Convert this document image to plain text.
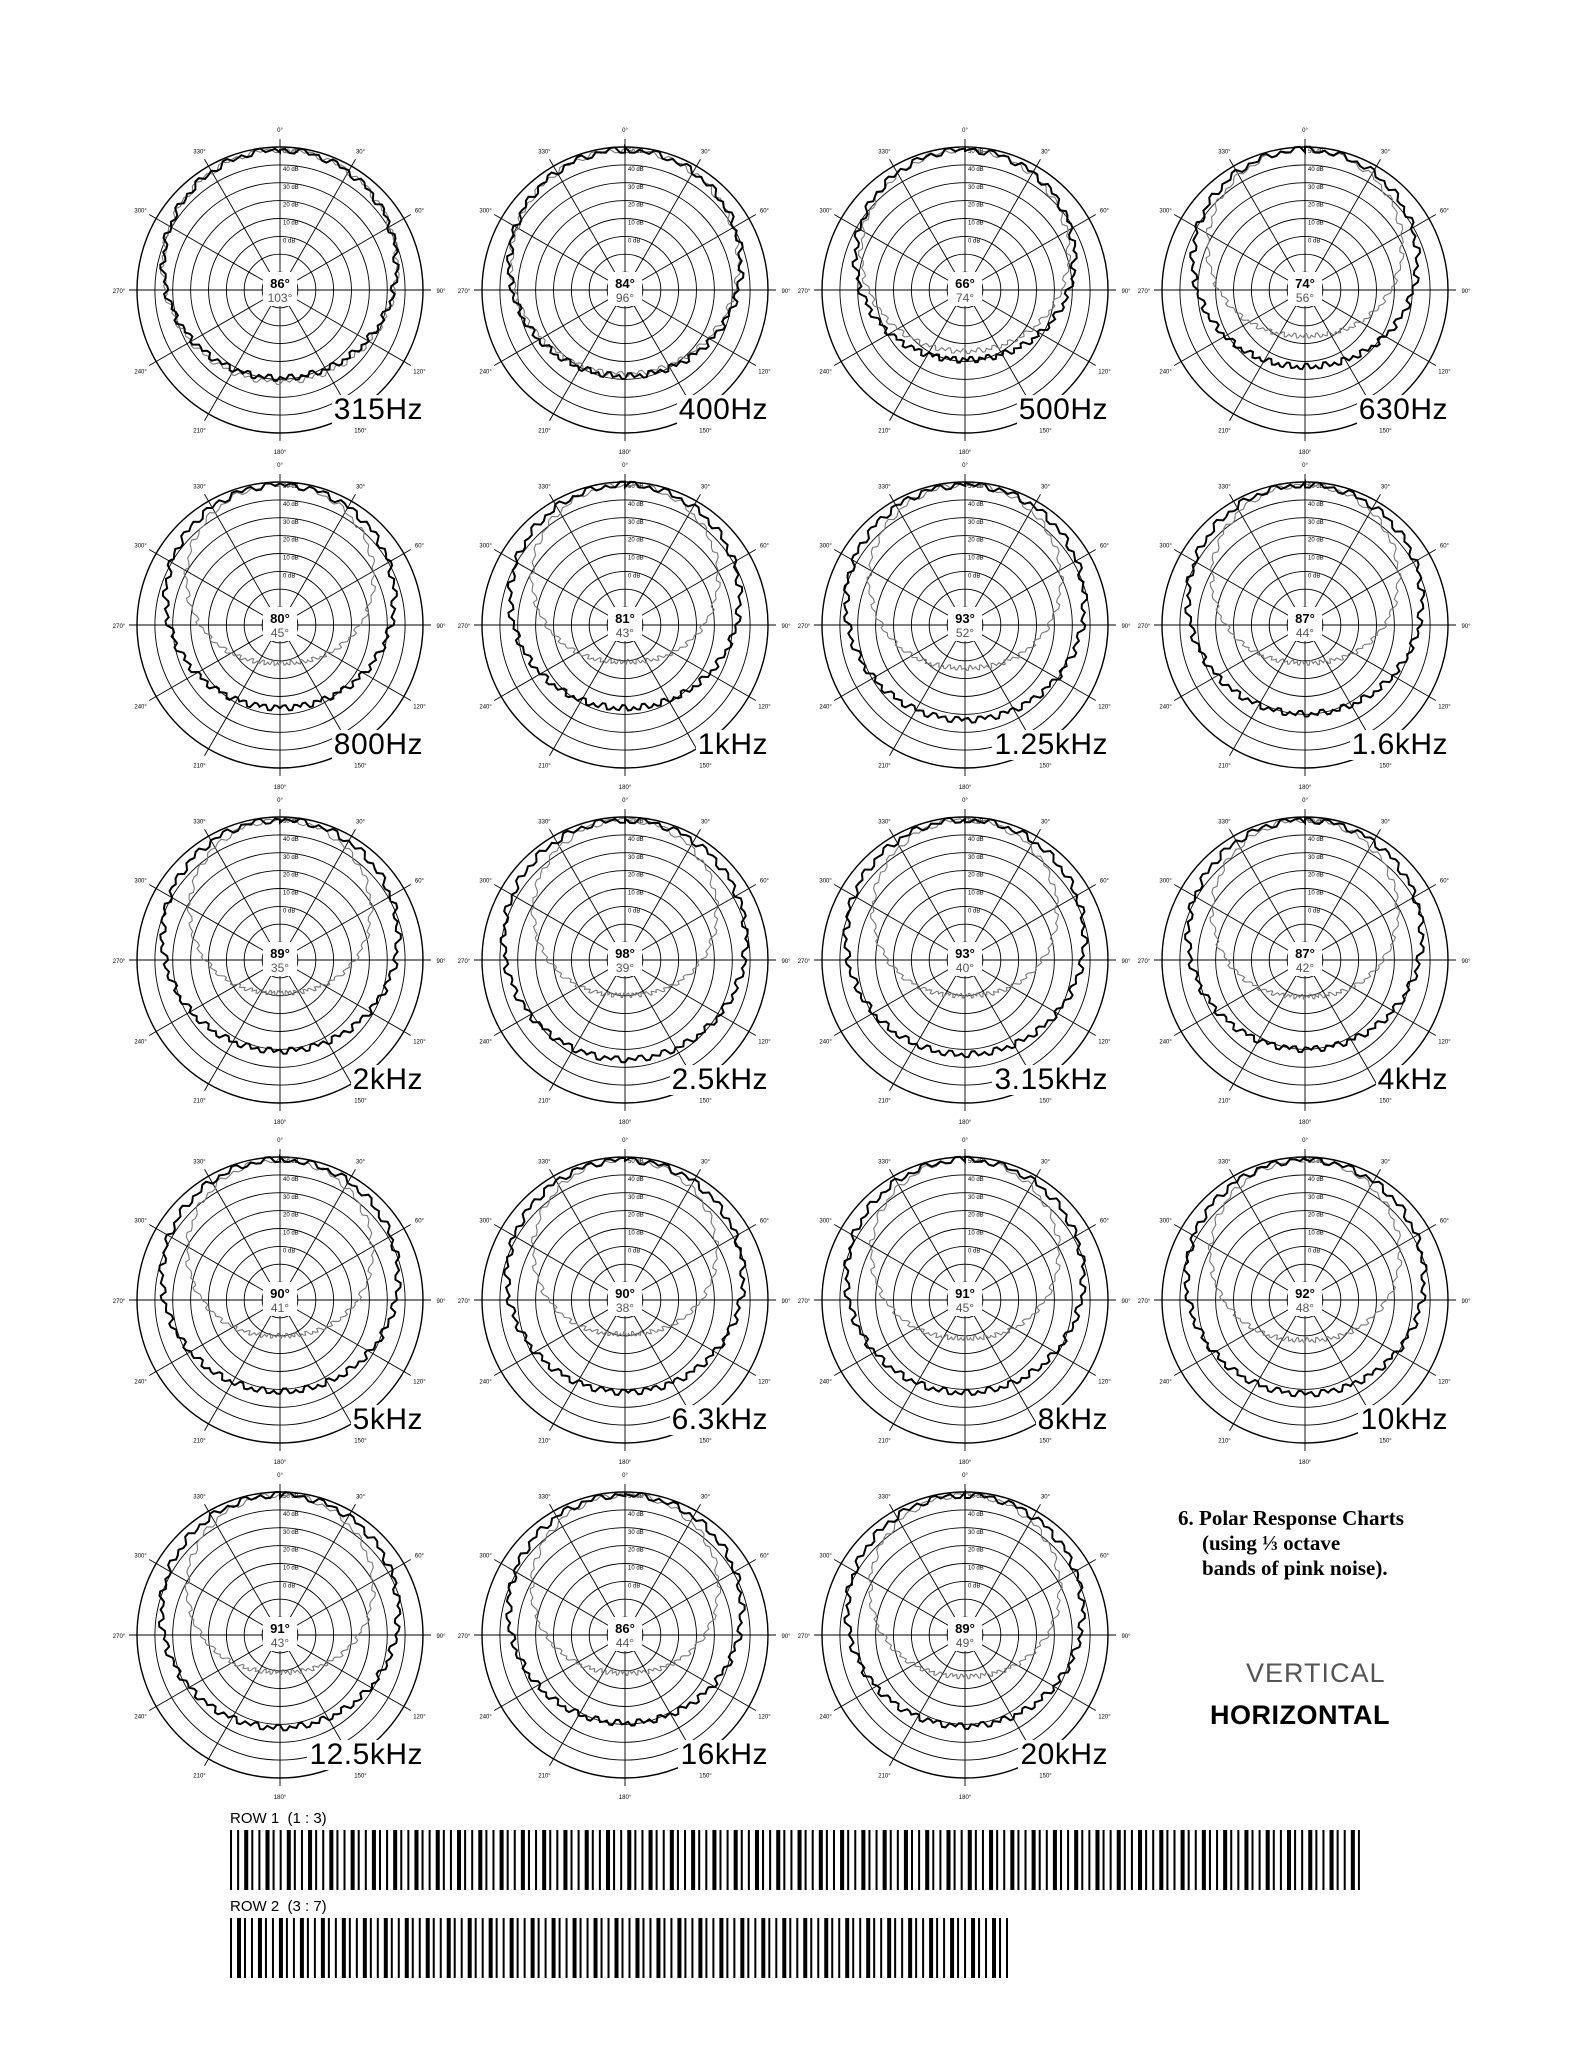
0°
30°
60°
90°
120°
150°
180°
210°
240°
270°
300°
330°	50 dB
40 dB
30 dB
20 dB
10 dB
0 dB
86°
103°
315Hz
0°
30°
60°
90°
120°
150°
180°
210°
240°
270°
300°
330°	50 dB
40 dB
30 dB
20 dB
10 dB
0 dB
84°
96°
400Hz
0°
30°
60°
90°
120°
150°
180°
210°
240°
270°
300°
330°	50 dB
40 dB
30 dB
20 dB
10 dB
0 dB
66°
74°
500Hz
0°
30°
60°
90°
120°
150°
180°
210°
240°
270°
300°
330°	50 dB
40 dB
30 dB
20 dB
10 dB
0 dB
74°
56°
630Hz
0°
30°
60°
90°
120°
150°
180°
210°
240°
270°
300°
330°	50 dB
40 dB
30 dB
20 dB
10 dB
0 dB
80°
45°
800Hz
0°
30°
60°
90°
120°
150°
180°
210°
240°
270°
300°
330°	50 dB
40 dB
30 dB
20 dB
10 dB
0 dB
81°
43°
1kHz
0°
30°
60°
90°
120°
150°
180°
210°
240°
270°
300°
330°	50 dB
40 dB
30 dB
20 dB
10 dB
0 dB
93°
52°
1.25kHz
0°
30°
60°
90°
120°
150°
180°
210°
240°
270°
300°
330°	50 dB
40 dB
30 dB
20 dB
10 dB
0 dB
87°
44°
1.6kHz
0°
30°
60°
90°
120°
150°
180°
210°
240°
270°
300°
330°	50 dB
40 dB
30 dB
20 dB
10 dB
0 dB
89°
35°
2kHz
0°
30°
60°
90°
120°
150°
180°
210°
240°
270°
300°
330°	50 dB
40 dB
30 dB
20 dB
10 dB
0 dB
98°
39°
2.5kHz
0°
30°
60°
90°
120°
150°
180°
210°
240°
270°
300°
330°	50 dB
40 dB
30 dB
20 dB
10 dB
0 dB
93°
40°
3.15kHz
0°
30°
60°
90°
120°
150°
180°
210°
240°
270°
300°
330°	50 dB
40 dB
30 dB
20 dB
10 dB
0 dB
87°
42°
4kHz
0°
30°
60°
90°
120°
150°
180°
210°
240°
270°
300°
330°	50 dB
40 dB
30 dB
20 dB
10 dB
0 dB
90°
41°
5kHz
0°
30°
60°
90°
120°
150°
180°
210°
240°
270°
300°
330°	50 dB
40 dB
30 dB
20 dB
10 dB
0 dB
90°
38°
6.3kHz
0°
30°
60°
90°
120°
150°
180°
210°
240°
270°
300°
330°	50 dB
40 dB
30 dB
20 dB
10 dB
0 dB
91°
45°
8kHz
0°
30°
60°
90°
120°
150°
180°
210°
240°
270°
300°
330°	50 dB
40 dB
30 dB
20 dB
10 dB
0 dB
92°
48°
10kHz
0°
30°
60°
90°
120°
150°
180°
210°
240°
270°
300°
330°	50 dB
40 dB
30 dB
20 dB
10 dB
0 dB
91°
43°
12.5kHz
0°
30°
60°
90°
120°
150°
180°
210°
240°
270°
300°
330°	50 dB
40 dB
30 dB
20 dB
10 dB
0 dB
86°
44°
16kHz
0°
30°
60°
90°
120°
150°
180°
210°
240°
270°
300°
330°	50 dB
40 dB
30 dB
20 dB
10 dB
0 dB
89°
49°
20kHz
6. Polar Response Charts
(using ⅓ octave
bands of pink noise).
VERTICAL
HORIZONTAL
ROW 1  (1 : 3)
ROW 2  (3 : 7)
